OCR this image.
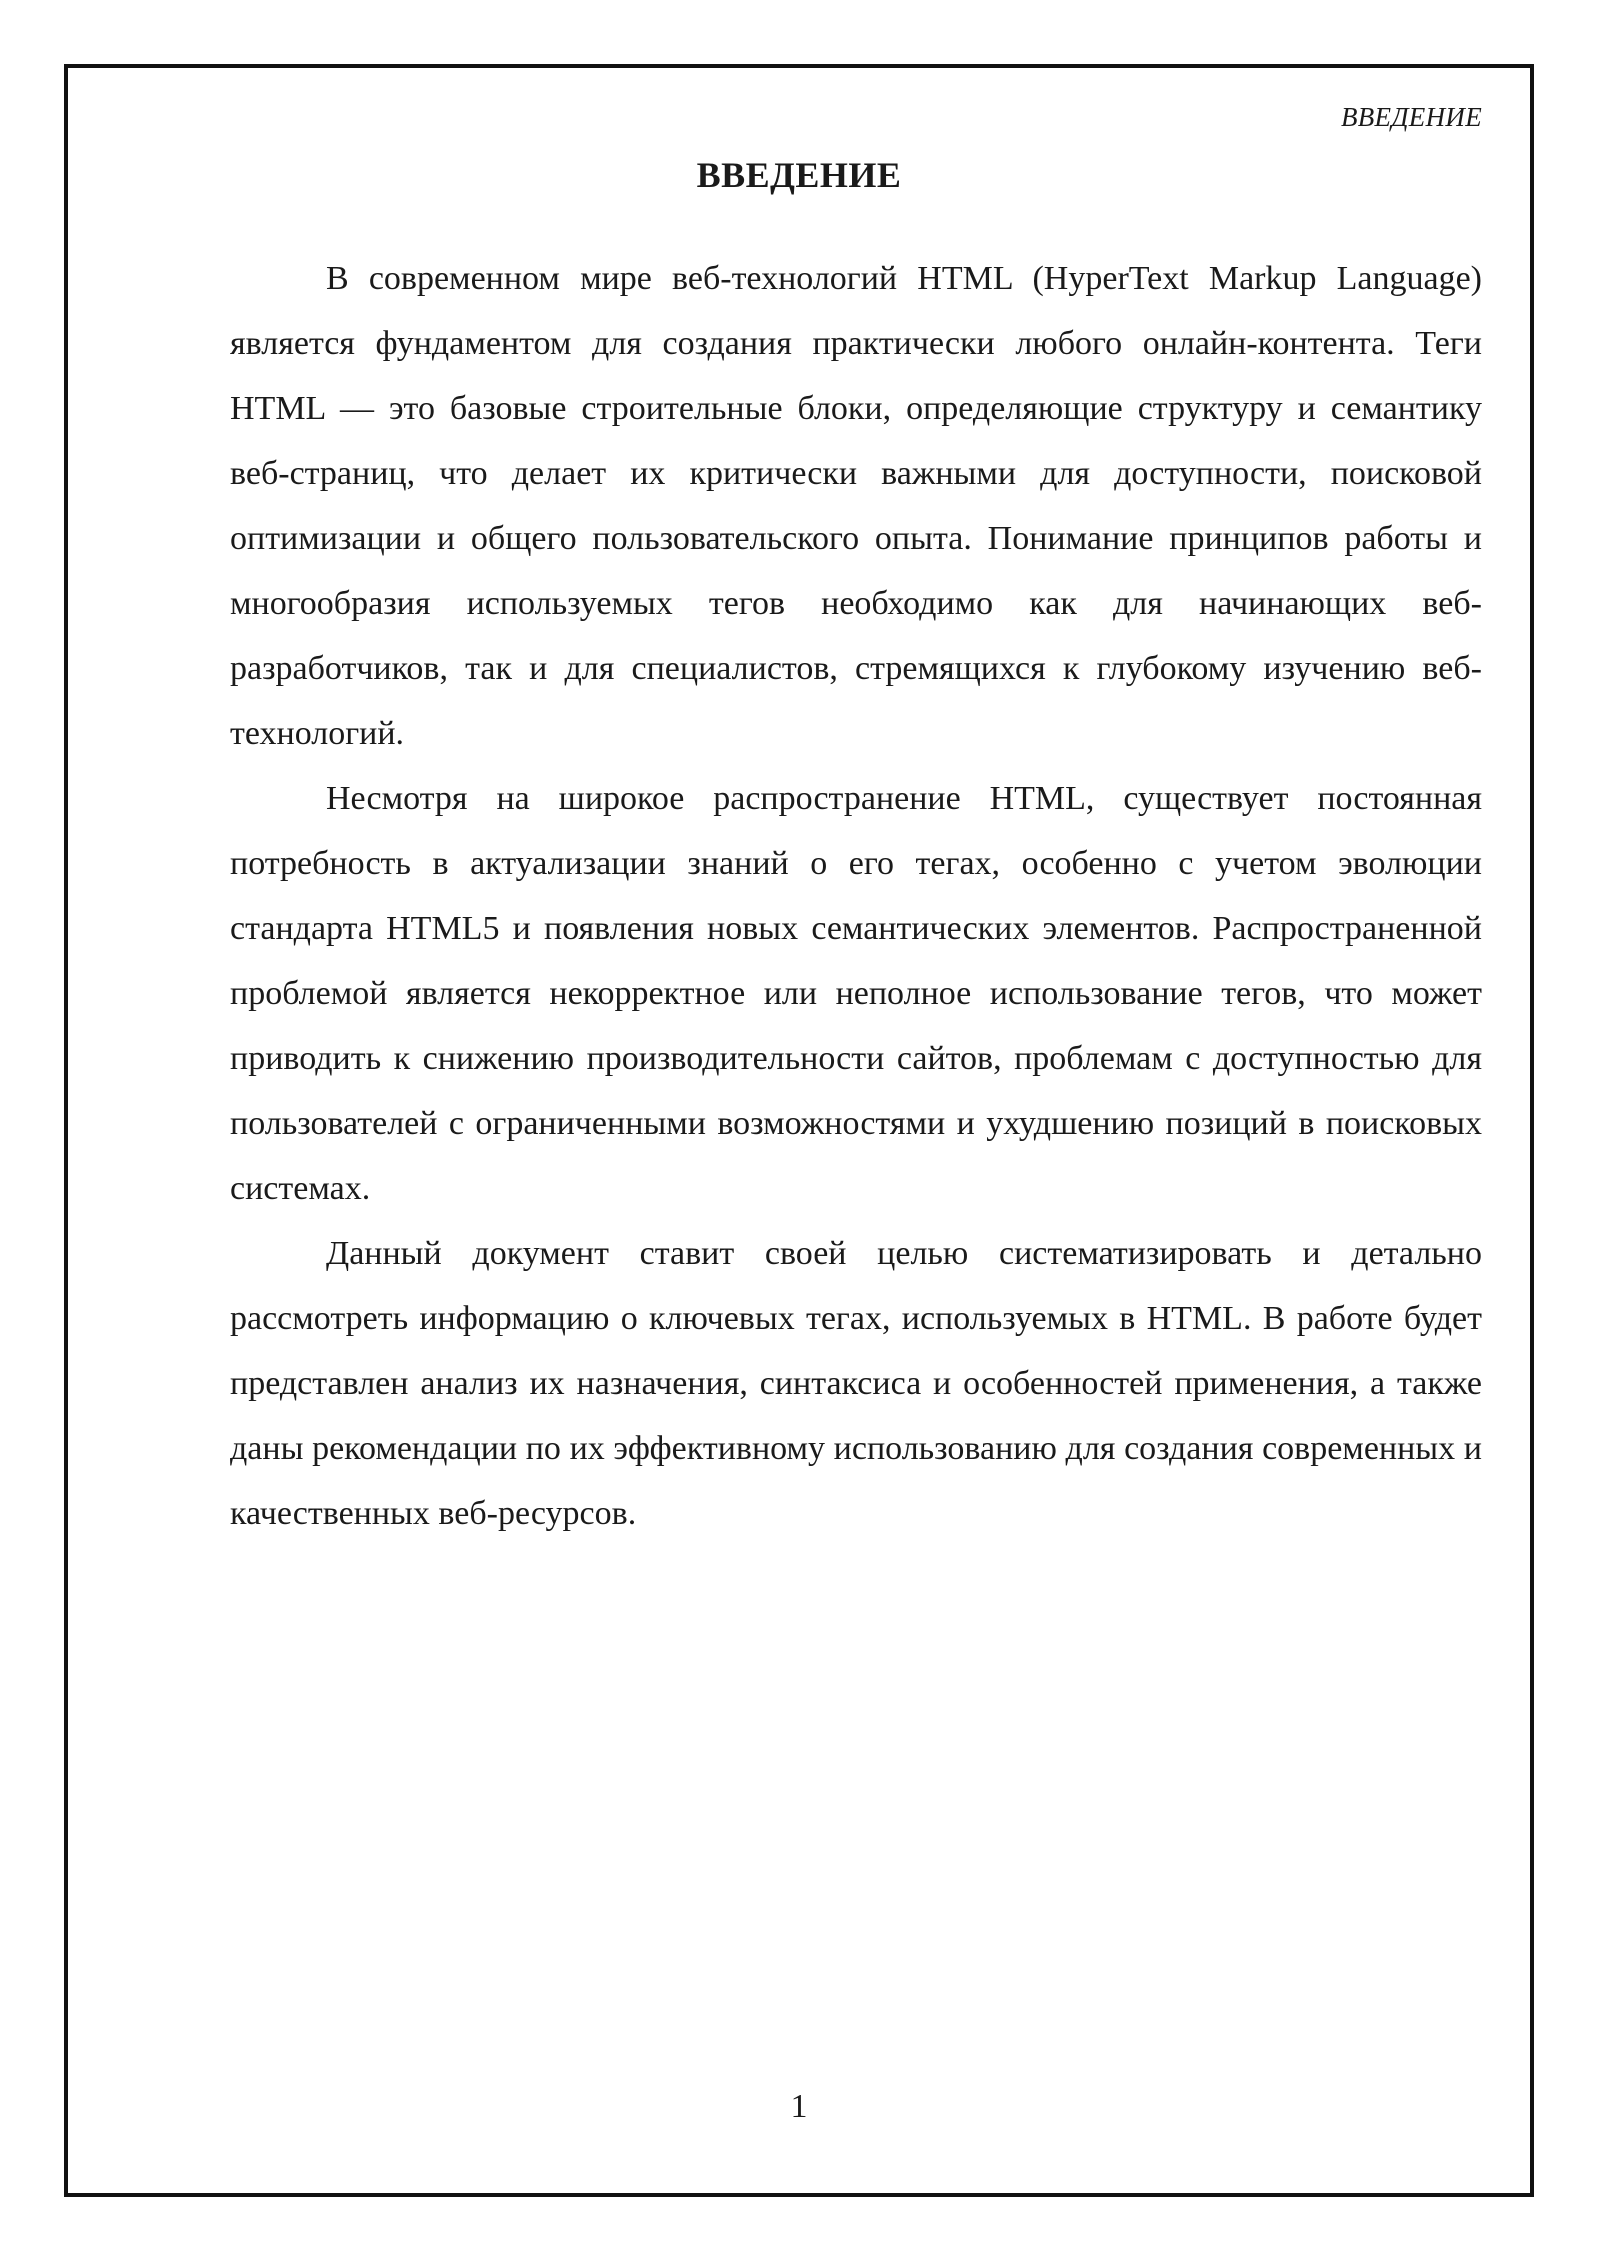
ВВЕДЕНИЕ
ВВЕДЕНИЕ

В современном мире веб-технологий HTML (HyperText Markup Language) является фундаментом для создания практически любого онлайн-контента. Теги HTML — это базовые строительные блоки, определяющие структуру и семантику веб-страниц, что делает их критически важными для доступности, поисковой оптимизации и общего пользовательского опыта. Понимание принципов работы и многообразия используемых тегов необходимо как для начинающих веб-разработчиков, так и для специалистов, стремящихся к глубокому изучению веб-технологий.

Несмотря на широкое распространение HTML, существует постоянная потребность в актуализации знаний о его тегах, особенно с учетом эволюции стандарта HTML5 и появления новых семантических элементов. Распространенной проблемой является некорректное или неполное использование тегов, что может приводить к снижению производительности сайтов, проблемам с доступностью для пользователей с ограниченными возможностями и ухудшению позиций в поисковых системах.

Данный документ ставит своей целью систематизировать и детально рассмотреть информацию о ключевых тегах, используемых в HTML. В работе будет представлен анализ их назначения, синтаксиса и особенностей применения, а также даны рекомендации по их эффективному использованию для создания современных и качественных веб-ресурсов.

1
